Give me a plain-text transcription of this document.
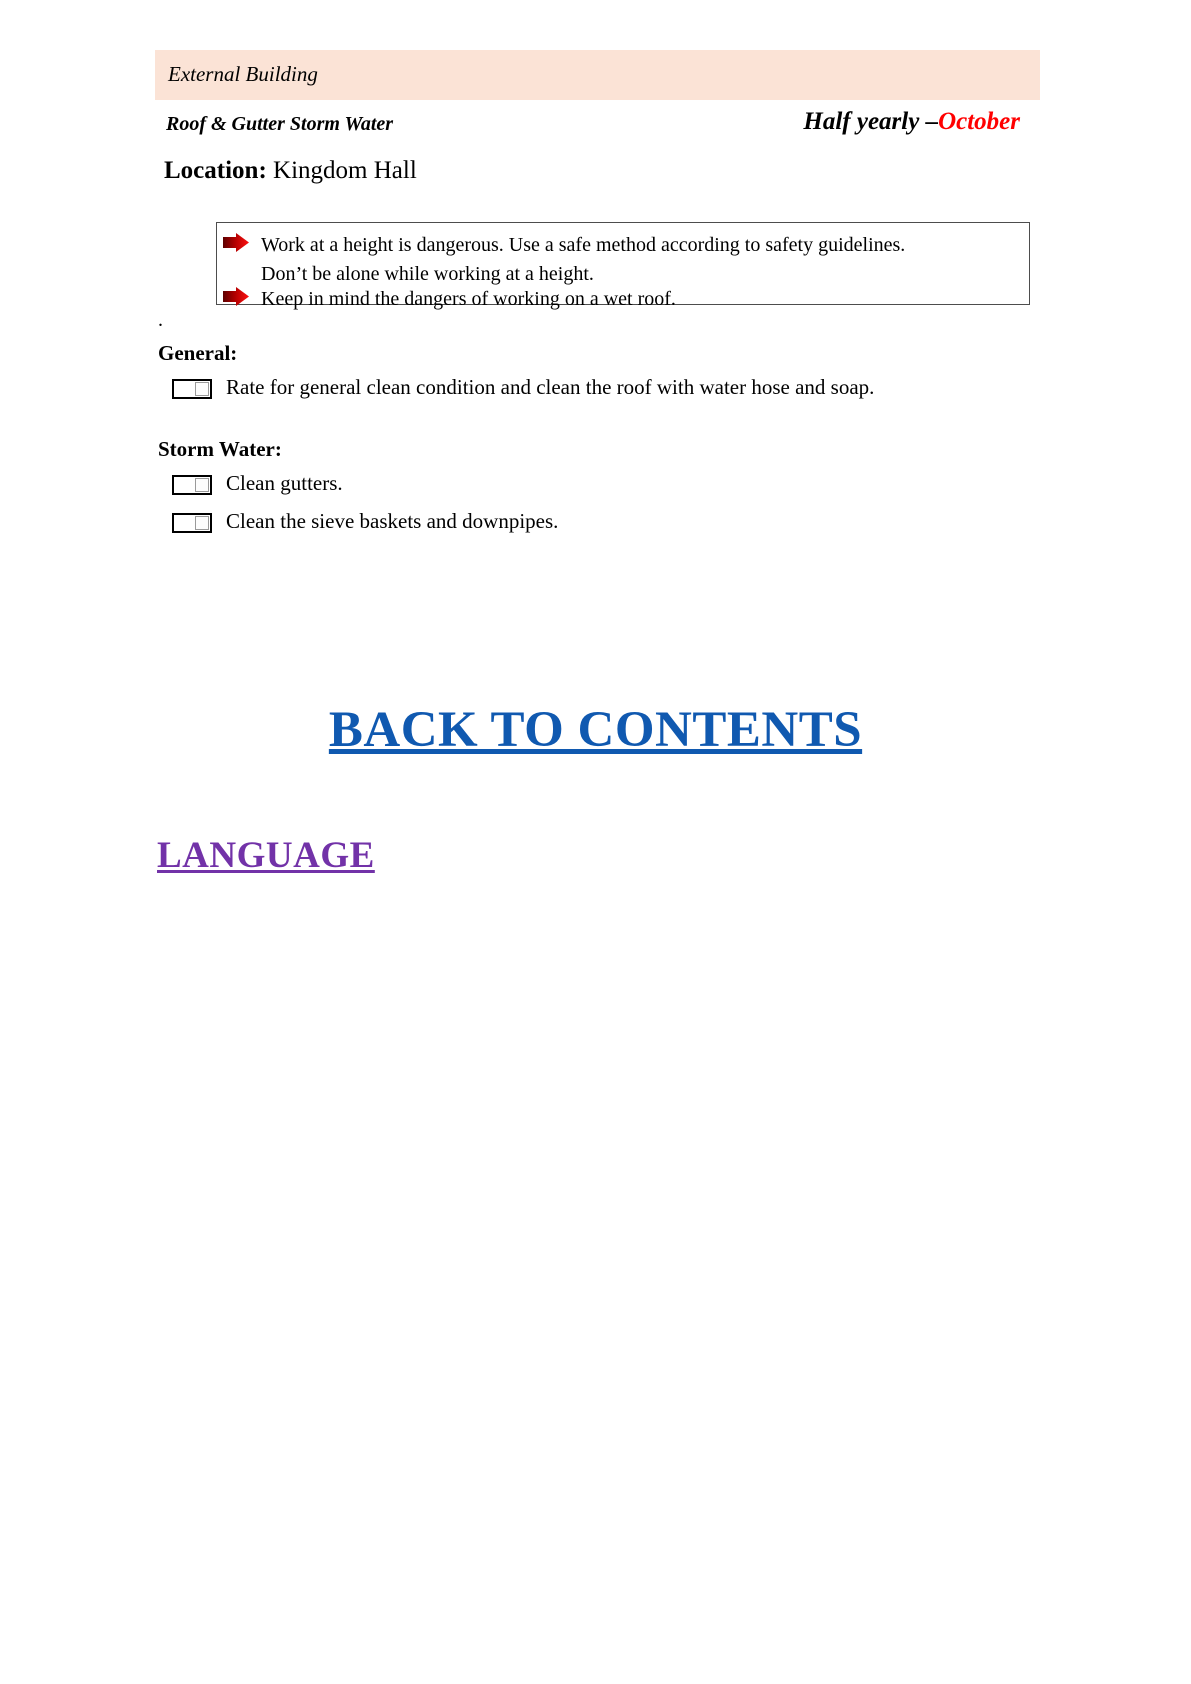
External Building
Roof & Gutter Storm Water	Half yearly –October
Location: Kingdom Hall
Work at a height is dangerous. Use a safe method according to safety guidelines.
Don’t be alone while working at a height.
Keep in mind the dangers of working on a wet roof.
.
General:
Rate for general clean condition and clean the roof with water hose and soap.
Storm Water:
Clean gutters.
Clean the sieve baskets and downpipes.
BACK TO CONTENTS
LANGUAGE
